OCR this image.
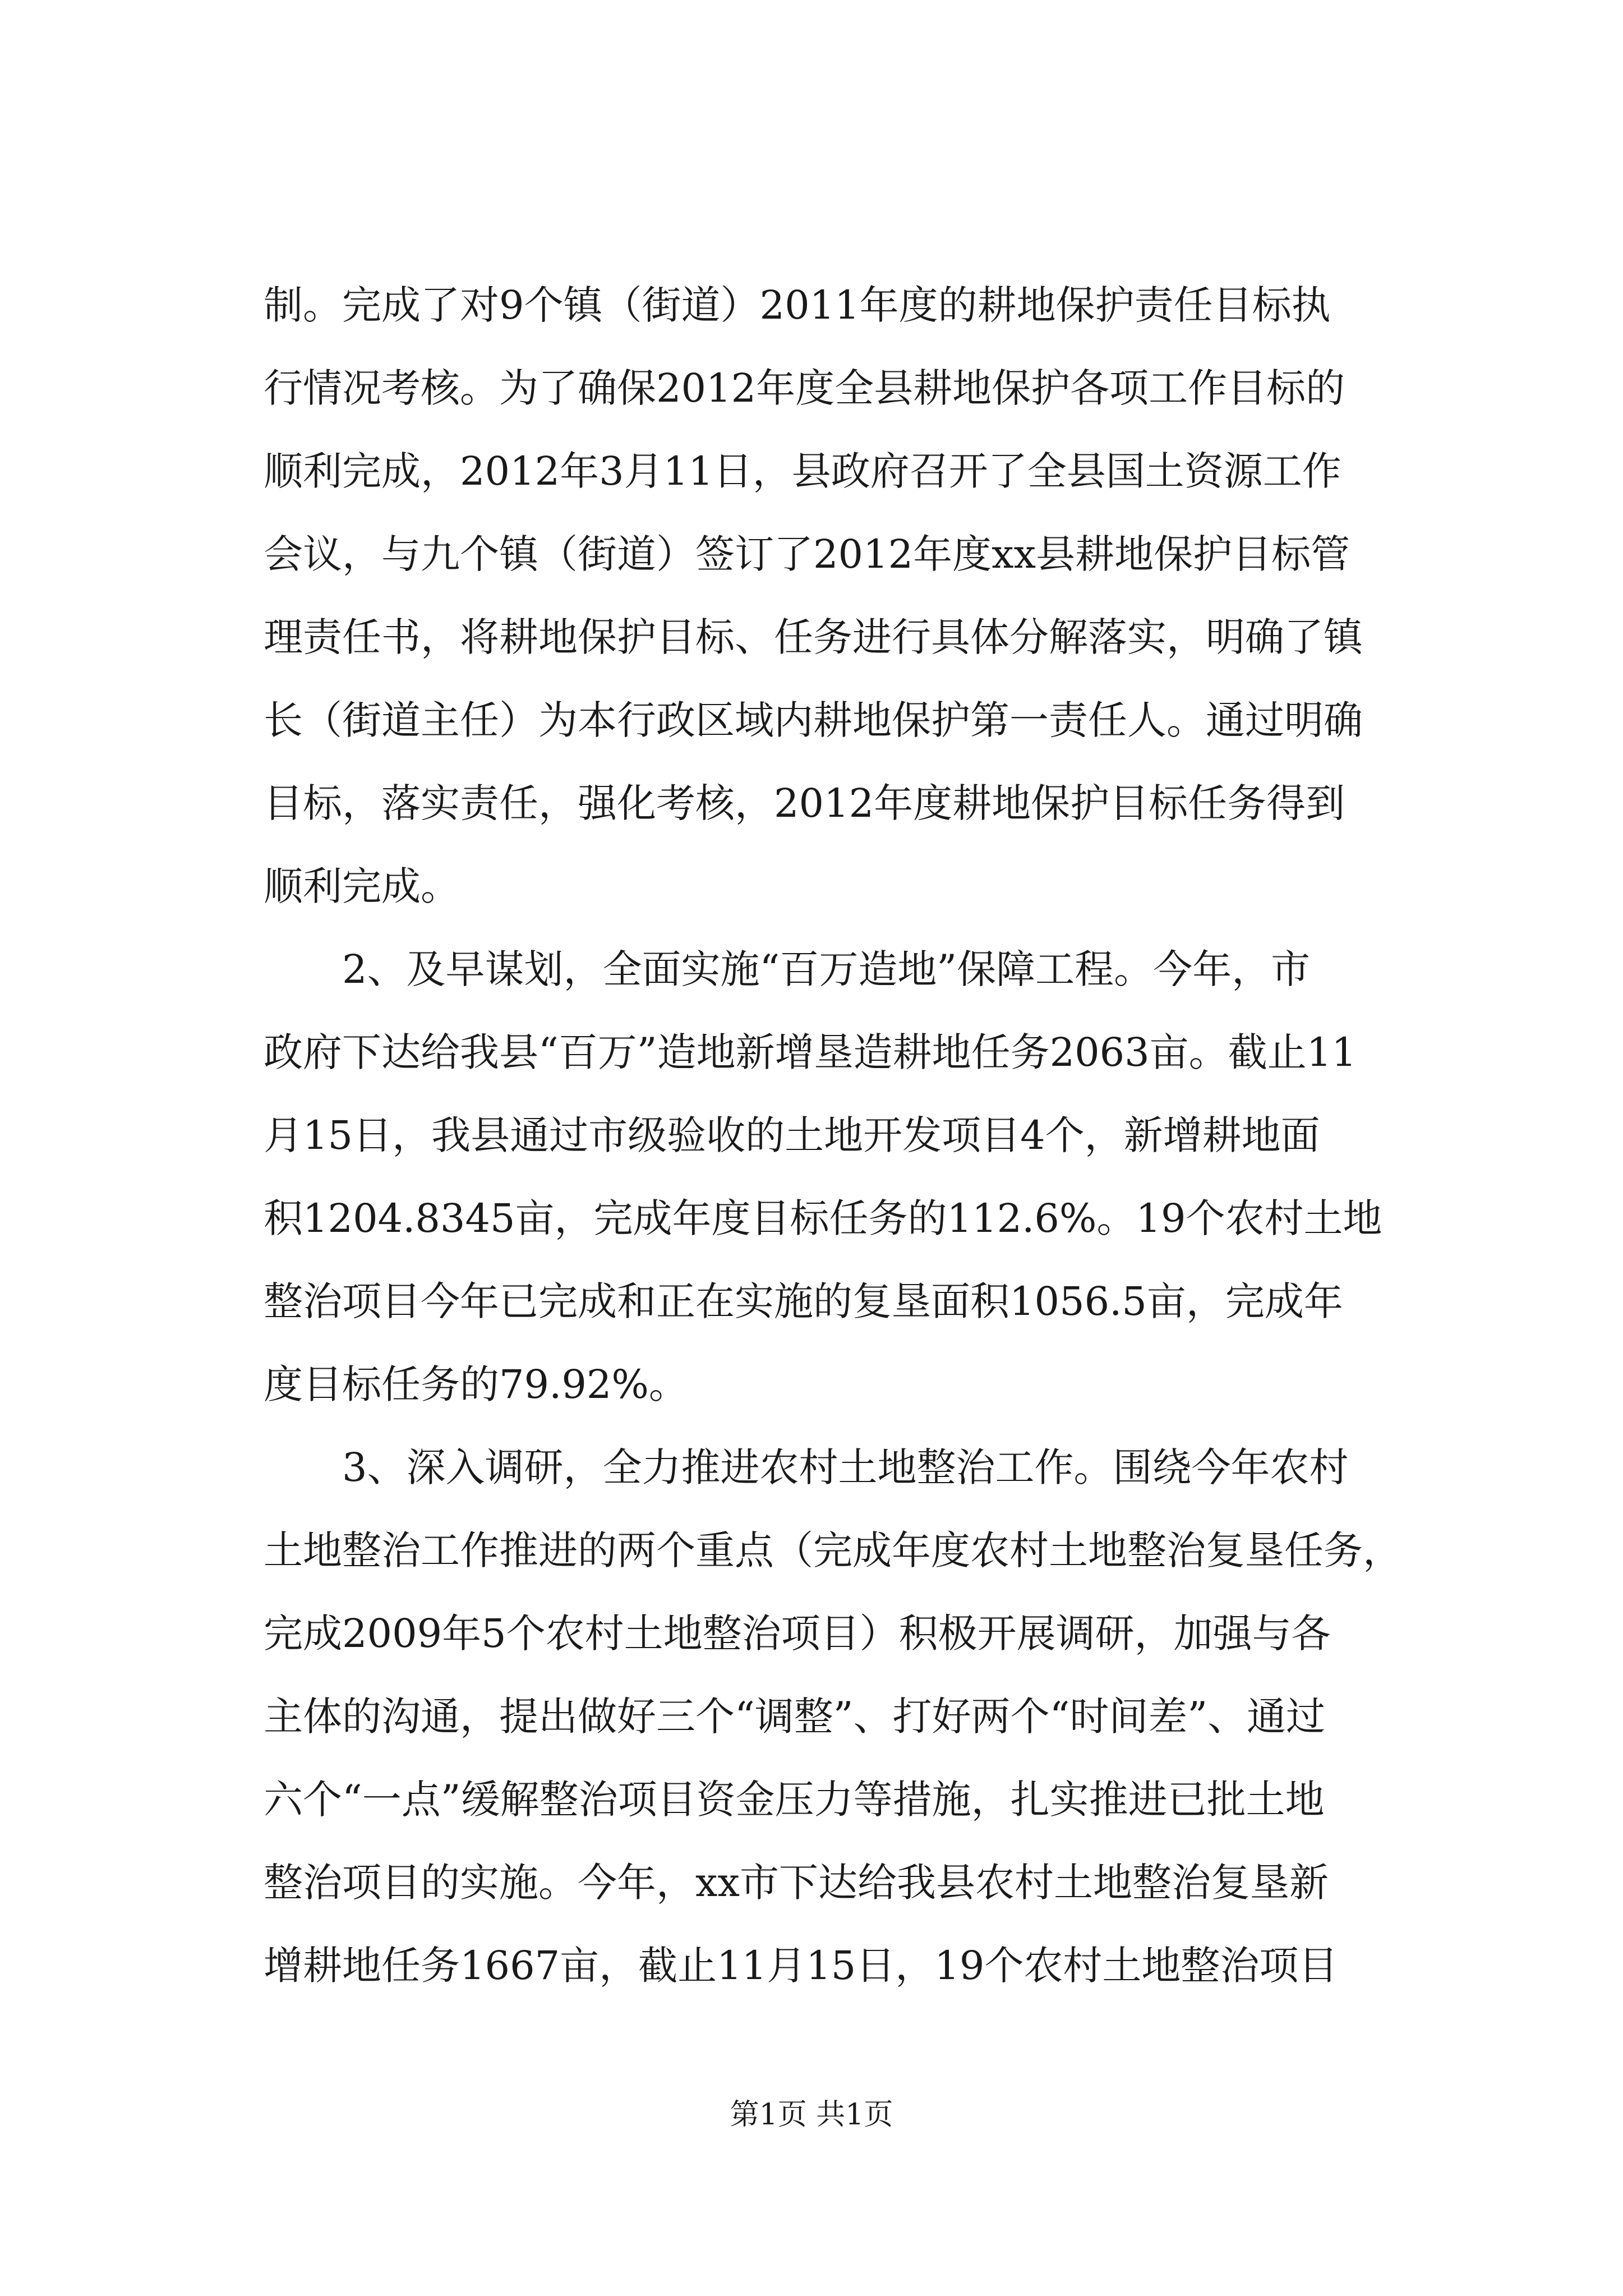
制。完成了对9个镇（街道）2011年度的耕地保护责任目标执
行情况考核。为了确保2012年度全县耕地保护各项工作目标的
顺利完成，2012年3月11日，县政府召开了全县国土资源工作
会议，与九个镇（街道）签订了2012年度xx县耕地保护目标管
理责任书，将耕地保护目标、任务进行具体分解落实，明确了镇
长（街道主任）为本行政区域内耕地保护第一责任人。通过明确
目标，落实责任，强化考核，2012年度耕地保护目标任务得到
顺利完成。
　　2、及早谋划，全面实施“百万造地”保障工程。今年，市
政府下达给我县“百万”造地新增垦造耕地任务2063亩。截止11
月15日，我县通过市级验收的土地开发项目4个，新增耕地面
积1204.8345亩，完成年度目标任务的112.6%。19个农村土地
整治项目今年已完成和正在实施的复垦面积1056.5亩，完成年
度目标任务的79.92%。
　　3、深入调研，全力推进农村土地整治工作。围绕今年农村
土地整治工作推进的两个重点（完成年度农村土地整治复垦任务，
完成2009年5个农村土地整治项目）积极开展调研，加强与各
主体的沟通，提出做好三个“调整”、打好两个“时间差”、通过
六个“一点”缓解整治项目资金压力等措施，扎实推进已批土地
整治项目的实施。今年，xx市下达给我县农村土地整治复垦新
增耕地任务1667亩，截止11月15日，19个农村土地整治项目
第1页 共1页
